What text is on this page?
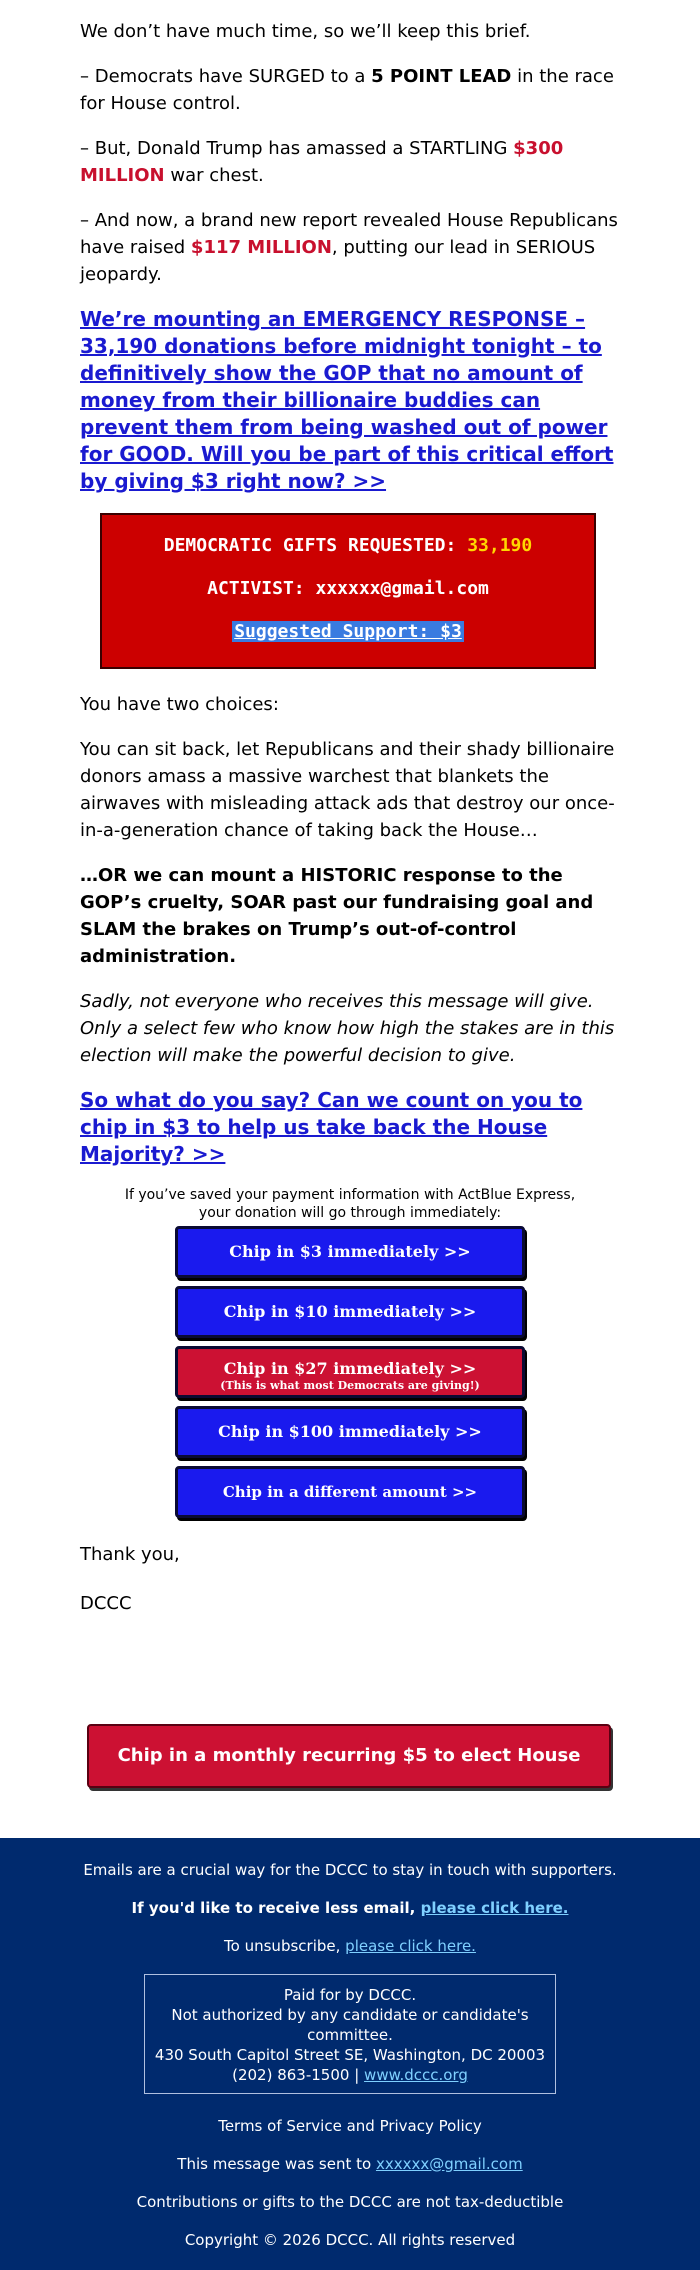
We don’t have much time, so we’ll keep this brief.

– Democrats have SURGED to a 5 POINT LEAD in the race for House control.

– But, Donald Trump has amassed a STARTLING $300 MILLION war chest.

– And now, a brand new report revealed House Republicans have raised $117 MILLION, putting our lead in SERIOUS jeopardy.

We’re mounting an EMERGENCY RESPONSE – 33,190 donations before midnight tonight – to definitively show the GOP that no amount of money from their billionaire buddies can prevent them from being washed out of power for GOOD. Will you be part of this critical effort by giving $3 right now? >>
DEMOCRATIC GIFTS REQUESTED: 33,190
ACTIVIST: xxxxxx@gmail.com
Suggested Support: $3

You have two choices:

You can sit back, let Republicans and their shady billionaire donors amass a massive warchest that blankets the airwaves with misleading attack ads that destroy our once-in-a-generation chance of taking back the House…

…OR we can mount a HISTORIC response to the GOP’s cruelty, SOAR past our fundraising goal and SLAM the brakes on Trump’s out-of-control administration.

Sadly, not everyone who receives this message will give. Only a select few who know how high the stakes are in this election will make the powerful decision to give.

So what do you say? Can we count on you to chip in $3 to help us take back the House Majority? >>
If you’ve saved your payment information with ActBlue Express,
your donation will go through immediately:
Chip in $3 immediately >>
Chip in $10 immediately >>
Chip in $27 immediately >>
(This is what most Democrats are giving!)
Chip in $100 immediately >>
Chip in a different amount >>
Thank you,
DCCC
Chip in a monthly recurring $5 to elect House Dems >>
Emails are a crucial way for the DCCC to stay in touch with supporters.
If you'd like to receive less email, please click here.
To unsubscribe, please click here.
Paid for by DCCC.
Not authorized by any candidate or candidate's committee.
430 South Capitol Street SE, Washington, DC 20003
(202) 863-1500 | www.dccc.org
Terms of Service and Privacy Policy
This message was sent to xxxxxx@gmail.com
Contributions or gifts to the DCCC are not tax-deductible
Copyright © 2026 DCCC. All rights reserved
